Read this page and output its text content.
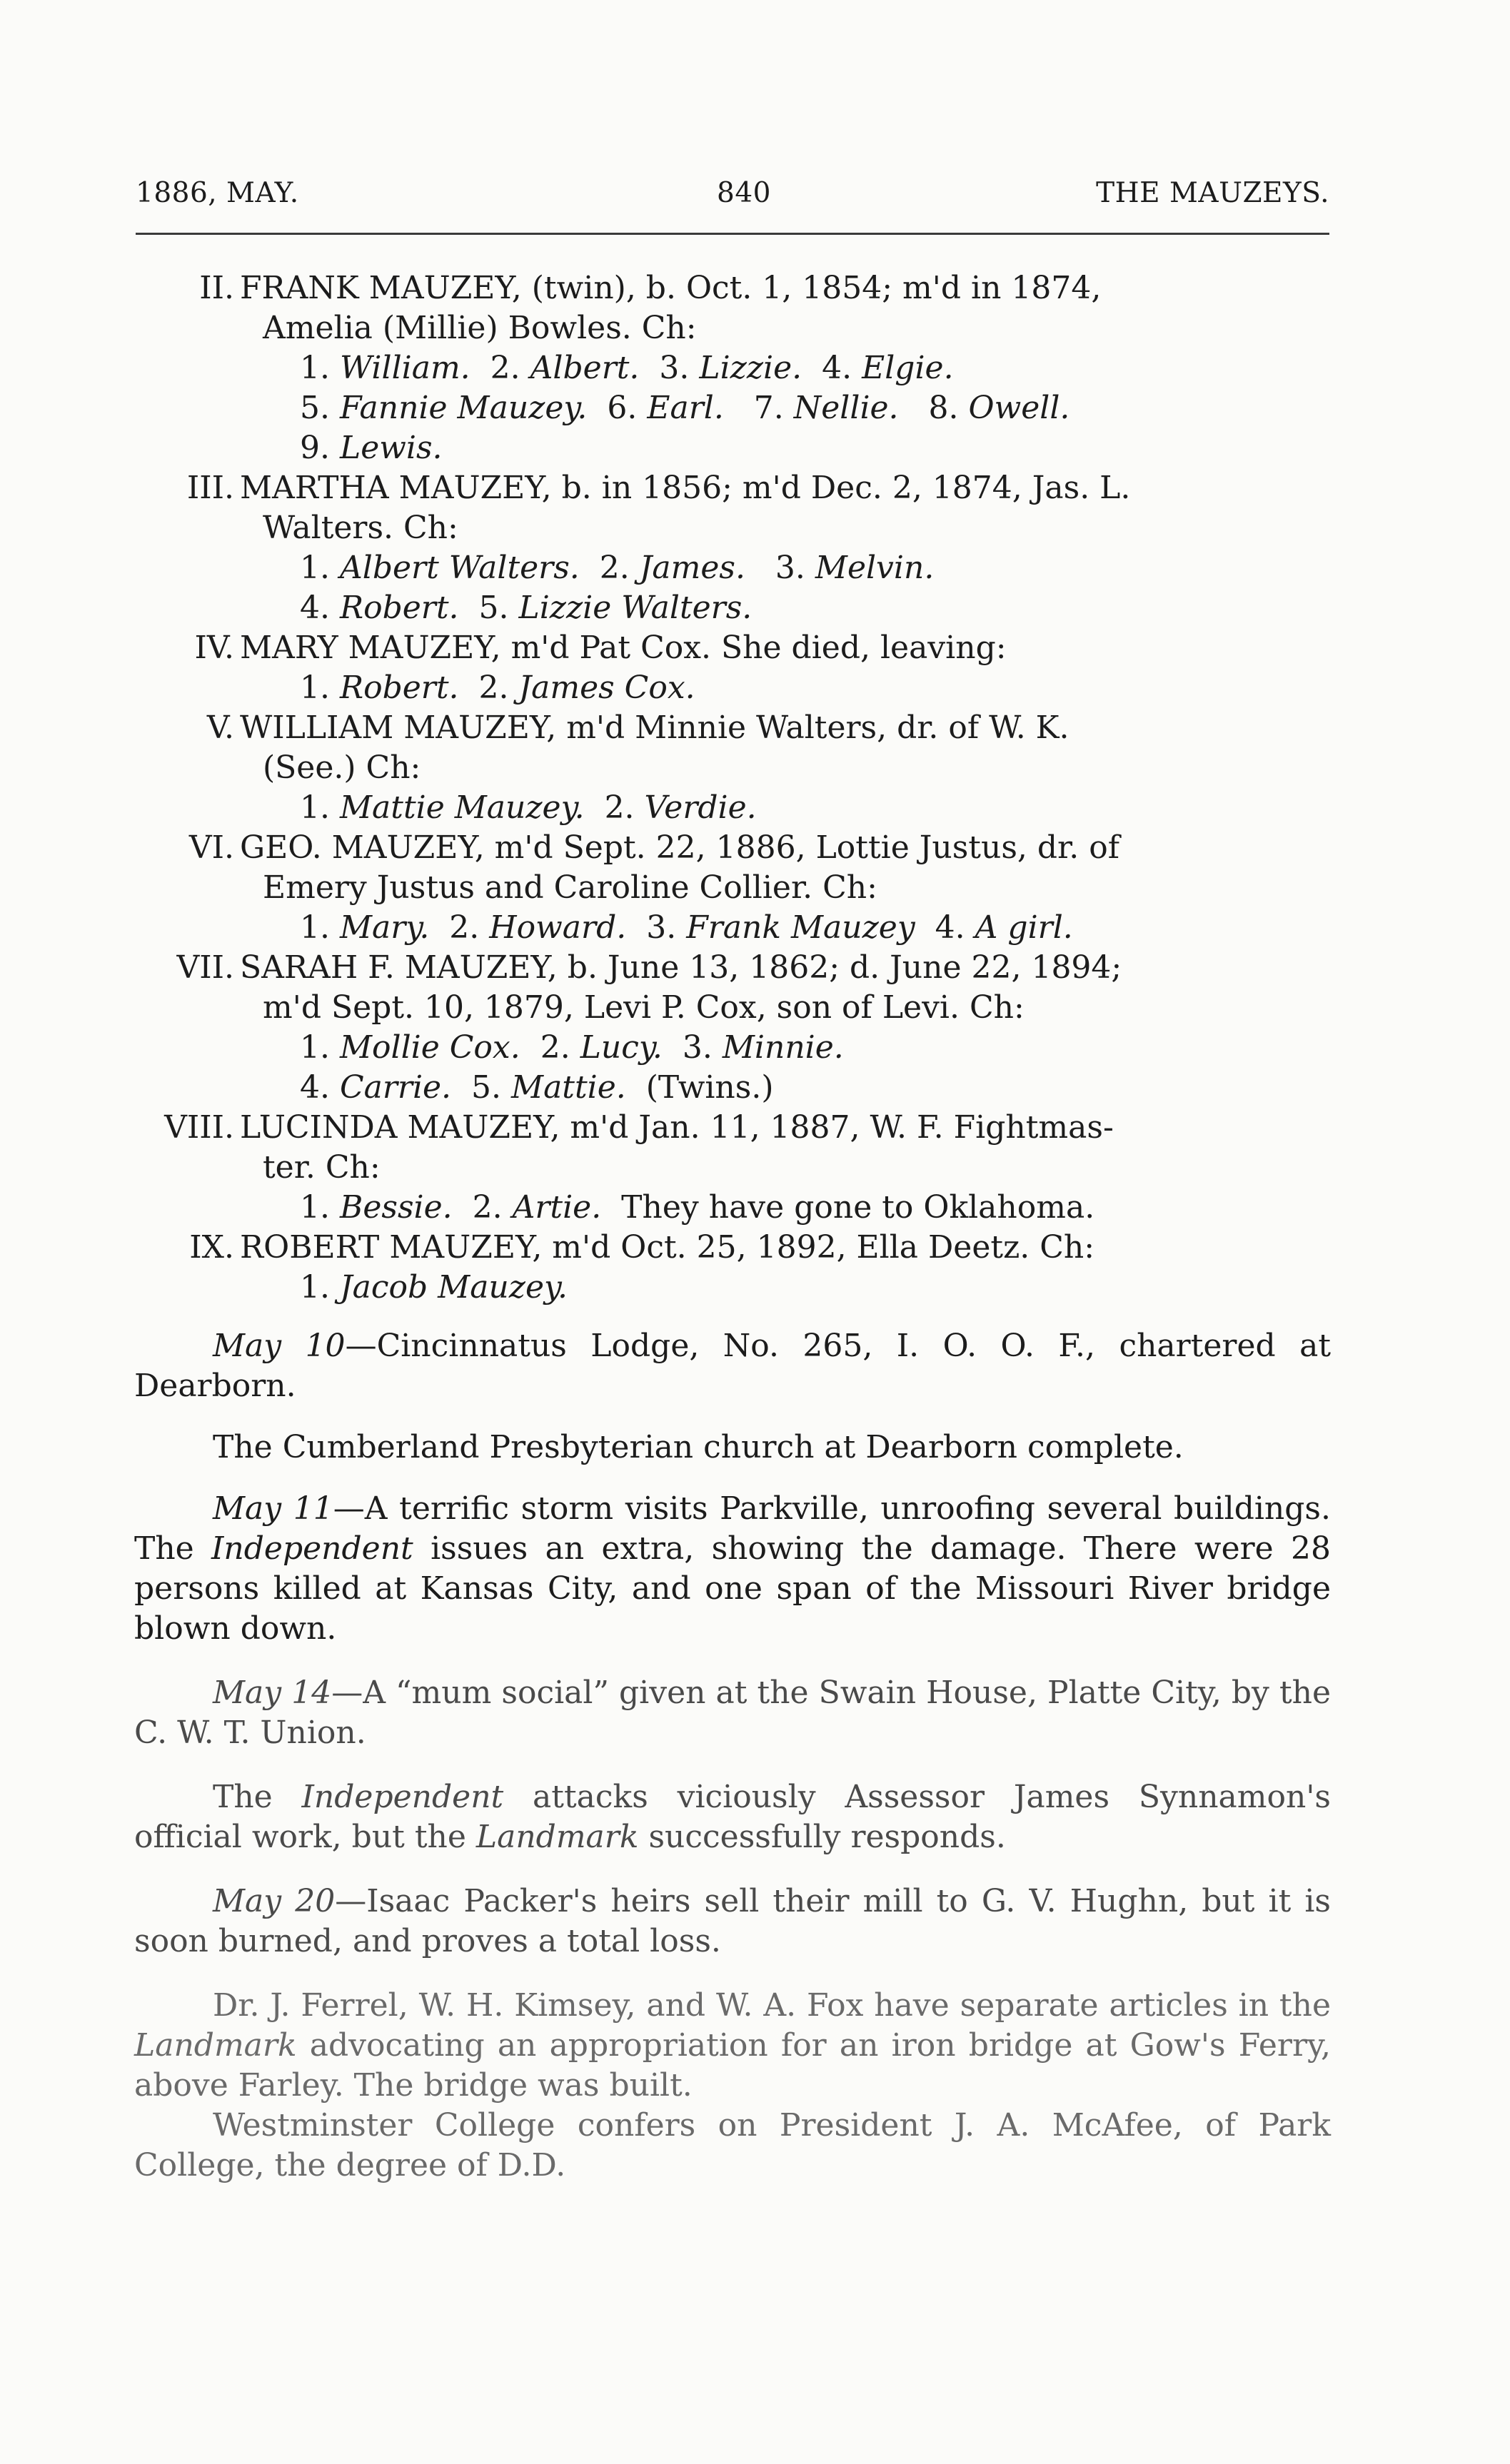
1886, MAY.	840	THE MAUZEYS.
II. FRANK MAUZEY, (twin), b. Oct. 1, 1854; m'd in 1874,
Amelia (Millie) Bowles. Ch:
1. William. 2. Albert. 3. Lizzie. 4. Elgie.
5. Fannie Mauzey. 6. Earl. 7. Nellie. 8. Owell.
9. Lewis.
III. MARTHA MAUZEY, b. in 1856; m'd Dec. 2, 1874, Jas. L.
Walters. Ch:
1. Albert Walters. 2. James. 3. Melvin.
4. Robert. 5. Lizzie Walters.
IV. MARY MAUZEY, m'd Pat Cox. She died, leaving:
1. Robert. 2. James Cox.
V. WILLIAM MAUZEY, m'd Minnie Walters, dr. of W. K.
(See.) Ch:
1. Mattie Mauzey. 2. Verdie.
VI. GEO. MAUZEY, m'd Sept. 22, 1886, Lottie Justus, dr. of
Emery Justus and Caroline Collier. Ch:
1. Mary. 2. Howard. 3. Frank Mauzey 4. A girl.
VII. SARAH F. MAUZEY, b. June 13, 1862; d. June 22, 1894;
m'd Sept. 10, 1879, Levi P. Cox, son of Levi. Ch:
1. Mollie Cox. 2. Lucy. 3. Minnie.
4. Carrie. 5. Mattie. (Twins.)
VIII. LUCINDA MAUZEY, m'd Jan. 11, 1887, W. F. Fightmas-
ter. Ch:
1. Bessie. 2. Artie. They have gone to Oklahoma.
IX. ROBERT MAUZEY, m'd Oct. 25, 1892, Ella Deetz. Ch:
1. Jacob Mauzey.

May 10—Cincinnatus Lodge, No. 265, I. O. O. F., chartered at Dearborn.

The Cumberland Presbyterian church at Dearborn complete.

May 11—A terrific storm visits Parkville, unroofing several buildings. The Independent issues an extra, showing the damage. There were 28 persons killed at Kansas City, and one span of the Missouri River bridge blown down.

May 14—A “mum social” given at the Swain House, Platte City, by the C. W. T. Union.

The Independent attacks viciously Assessor James Synnamon's official work, but the Landmark successfully responds.

May 20—Isaac Packer's heirs sell their mill to G. V. Hughn, but it is soon burned, and proves a total loss.

Dr. J. Ferrel, W. H. Kimsey, and W. A. Fox have separate articles in the Landmark advocating an appropriation for an iron bridge at Gow's Ferry, above Farley. The bridge was built.

Westminster College confers on President J. A. McAfee, of Park College, the degree of D.D.
